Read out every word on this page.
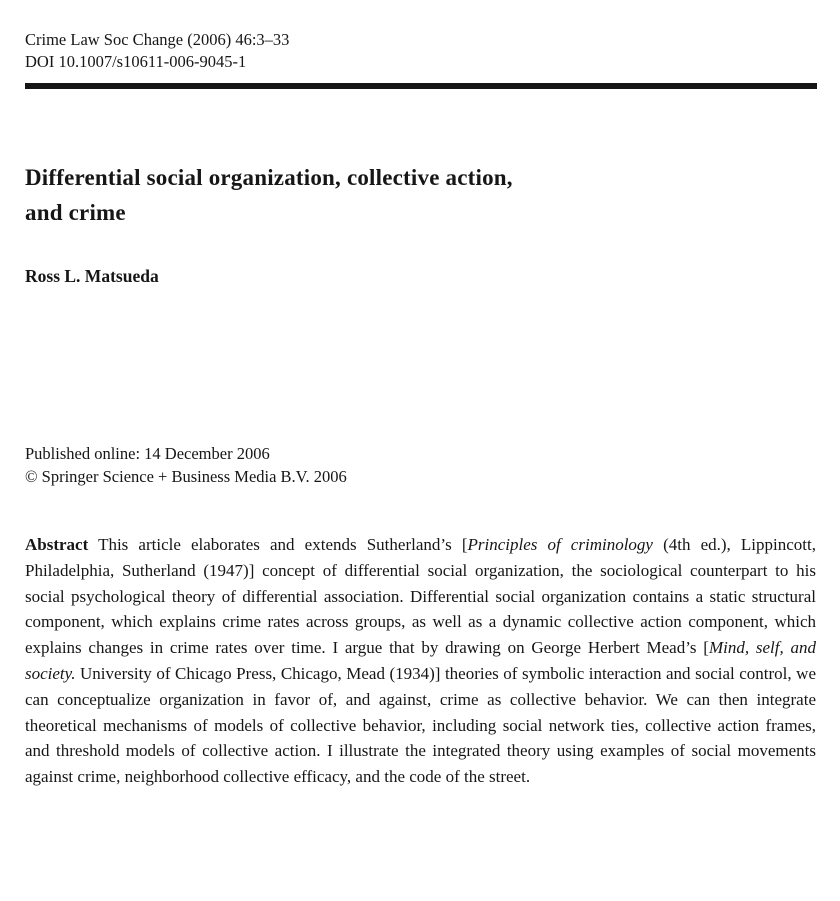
Crime Law Soc Change (2006) 46:3–33
DOI 10.1007/s10611-006-9045-1
Differential social organization, collective action,
and crime
Ross L. Matsueda
Published online: 14 December 2006
© Springer Science + Business Media B.V. 2006

Abstract This article elaborates and extends Sutherland’s [Principles of criminology (4th ed.), Lippincott, Philadelphia, Sutherland (1947)] concept of differential social organization, the sociological counterpart to his social psychological theory of differential association. Differential social organization contains a static structural component, which explains crime rates across groups, as well as a dynamic collective action component, which explains changes in crime rates over time. I argue that by drawing on George Herbert Mead’s [Mind, self, and society. University of Chicago Press, Chicago, Mead (1934)] theories of symbolic interaction and social control, we can conceptualize organization in favor of, and against, crime as collective behavior. We can then integrate theoretical mechanisms of models of collective behavior, including social network ties, collective action frames, and threshold models of collective action. I illustrate the integrated theory using examples of social movements against crime, neighborhood collective efficacy, and the code of the street.
